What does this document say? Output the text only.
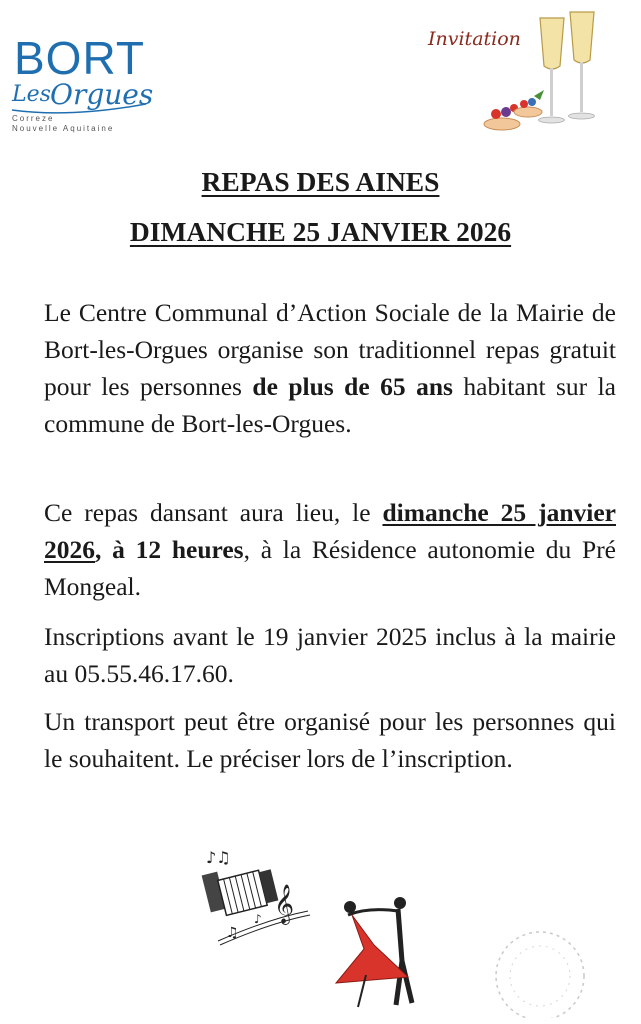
BORT
Les Orgues
Correze
Nouvelle Aquitaine
Invitation
REPAS DES AINES
DIMANCHE 25 JANVIER 2026
Le Centre Communal d’Action Sociale de la Mairie de Bort-les-Orgues organise son traditionnel repas gratuit pour les personnes de plus de 65 ans habitant sur la commune de Bort-les-Orgues.
Ce repas dansant aura lieu, le dimanche 25 janvier 2026, à 12 heures, à la Résidence autonomie du Pré Mongeal.
Inscriptions avant le 19 janvier 2025 inclus à la mairie au 05.55.46.17.60.
Un transport peut être organisé pour les personnes qui le souhaitent. Le préciser lors de l’inscription.
♪♫
♪
♫
𝄞
